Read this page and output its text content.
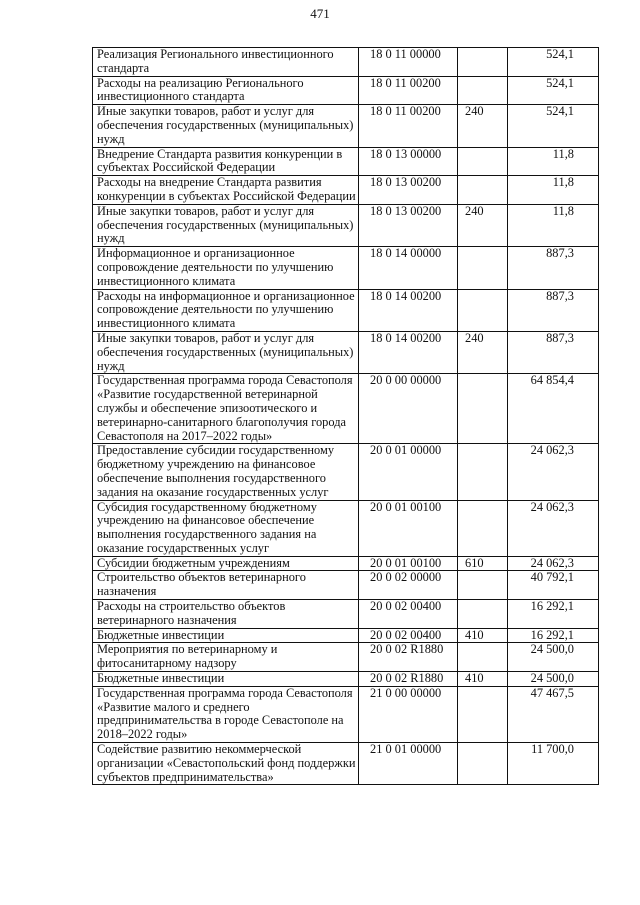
471
Реализация Регионального инвестиционного стандарта	18 0 11 00000		524,1
Расходы на реализацию Регионального инвестиционного стандарта	18 0 11 00200		524,1
Иные закупки товаров, работ и услуг для обеспечения государственных (муниципальных) нужд	18 0 11 00200	240	524,1
Внедрение Стандарта развития конкуренции в субъектах Российской Федерации	18 0 13 00000		11,8
Расходы на внедрение Стандарта развития конкуренции в субъектах Российской Федерации	18 0 13 00200		11,8
Иные закупки товаров, работ и услуг для обеспечения государственных (муниципальных) нужд	18 0 13 00200	240	11,8
Информационное и организационное сопровождение деятельности по улучшению инвестиционного климата	18 0 14 00000		887,3
Расходы на информационное и организационное сопровождение деятельности по улучшению инвестиционного климата	18 0 14 00200		887,3
Иные закупки товаров, работ и услуг для обеспечения государственных (муниципальных) нужд	18 0 14 00200	240	887,3
Государственная программа города Севастополя «Развитие государственной ветеринарной службы и обеспечение эпизоотического и ветеринарно-санитарного благополучия города Севастополя на 2017–2022 годы»	20 0 00 00000		64 854,4
Предоставление субсидии государственному бюджетному учреждению на финансовое обеспечение выполнения государственного задания на оказание государственных услуг	20 0 01 00000		24 062,3
Субсидия государственному бюджетному учреждению на финансовое обеспечение выполнения государственного задания на оказание государственных услуг	20 0 01 00100		24 062,3
Субсидии бюджетным учреждениям	20 0 01 00100	610	24 062,3
Строительство объектов ветеринарного назначения	20 0 02 00000		40 792,1
Расходы на строительство объектов ветеринарного назначения	20 0 02 00400		16 292,1
Бюджетные инвестиции	20 0 02 00400	410	16 292,1
Мероприятия по ветеринарному и фитосанитарному надзору	20 0 02 R1880		24 500,0
Бюджетные инвестиции	20 0 02 R1880	410	24 500,0
Государственная программа города Севастополя «Развитие малого и среднего предпринимательства в городе Севастополе на 2018–2022 годы»	21 0 00 00000		47 467,5
Содействие развитию некоммерческой организации «Севастопольский фонд поддержки субъектов предпринимательства»	21 0 01 00000		11 700,0
